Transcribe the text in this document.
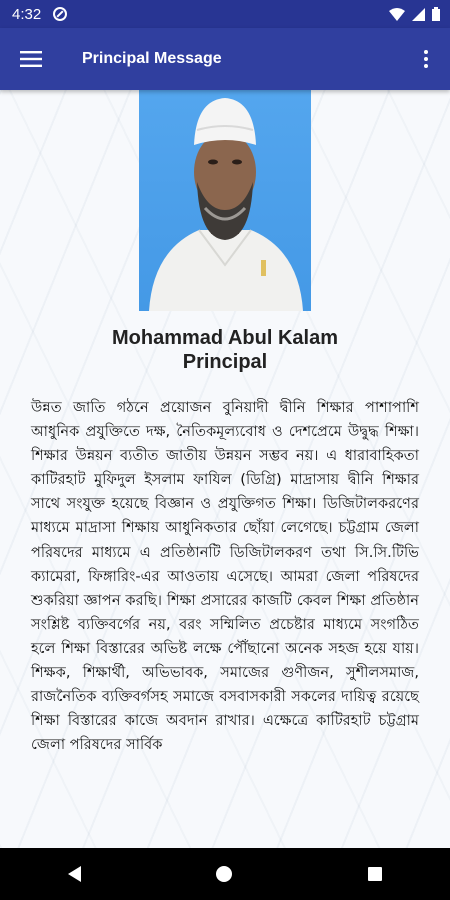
4:32
Principal Message
Mohammad Abul Kalam
Principal

উন্নত জাতি গঠনে প্রয়োজন বুনিয়াদী দ্বীনি শিক্ষার পাশাপাশি আধুনিক প্রযুক্তিতে দক্ষ, নৈতিকমূল্যবোধ ও দেশপ্রেমে উদ্বুদ্ধ শিক্ষা। শিক্ষার উন্নয়ন ব্যতীত জাতীয় উন্নয়ন সম্ভব নয়। এ ধারাবাহিকতা কাটিরহাট মুফিদুল ইসলাম ফাযিল (ডিগ্রি) মাদ্রাসায় দ্বীনি শিক্ষার সাথে সংযুক্ত হয়েছে বিজ্ঞান ও প্রযুক্তিগত শিক্ষা। ডিজিটালকরণের মাধ্যমে মাদ্রাসা শিক্ষায় আধুনিকতার ছোঁয়া লেগেছে। চট্টগ্রাম জেলা পরিষদের মাধ্যমে এ প্রতিষ্ঠানটি ডিজিটালকরণ তথা সি.সি.টিভি ক্যামেরা, ফিঙ্গারিং-এর আওতায় এসেছে। আমরা জেলা পরিষদের শুকরিয়া জ্ঞাপন করছি। শিক্ষা প্রসারের কাজটি কেবল শিক্ষা প্রতিষ্ঠান সংশ্লিষ্ট ব্যক্তিবর্গের নয়, বরং সম্মিলিত প্রচেষ্টার মাধ্যমে সংগঠিত হলে শিক্ষা বিস্তারের অভিষ্ট লক্ষে পৌঁছানো অনেক সহজ হয়ে যায়। শিক্ষক, শিক্ষার্থী, অভিভাবক, সমাজের গুণীজন, সুশীলসমাজ, রাজনৈতিক ব্যক্তিবর্গসহ সমাজে বসবাসকারী সকলের দায়িত্ব রয়েছে শিক্ষা বিস্তারের কাজে অবদান রাখার। এক্ষেত্রে কাটিরহাট চট্টগ্রাম জেলা পরিষদের সার্বিক
